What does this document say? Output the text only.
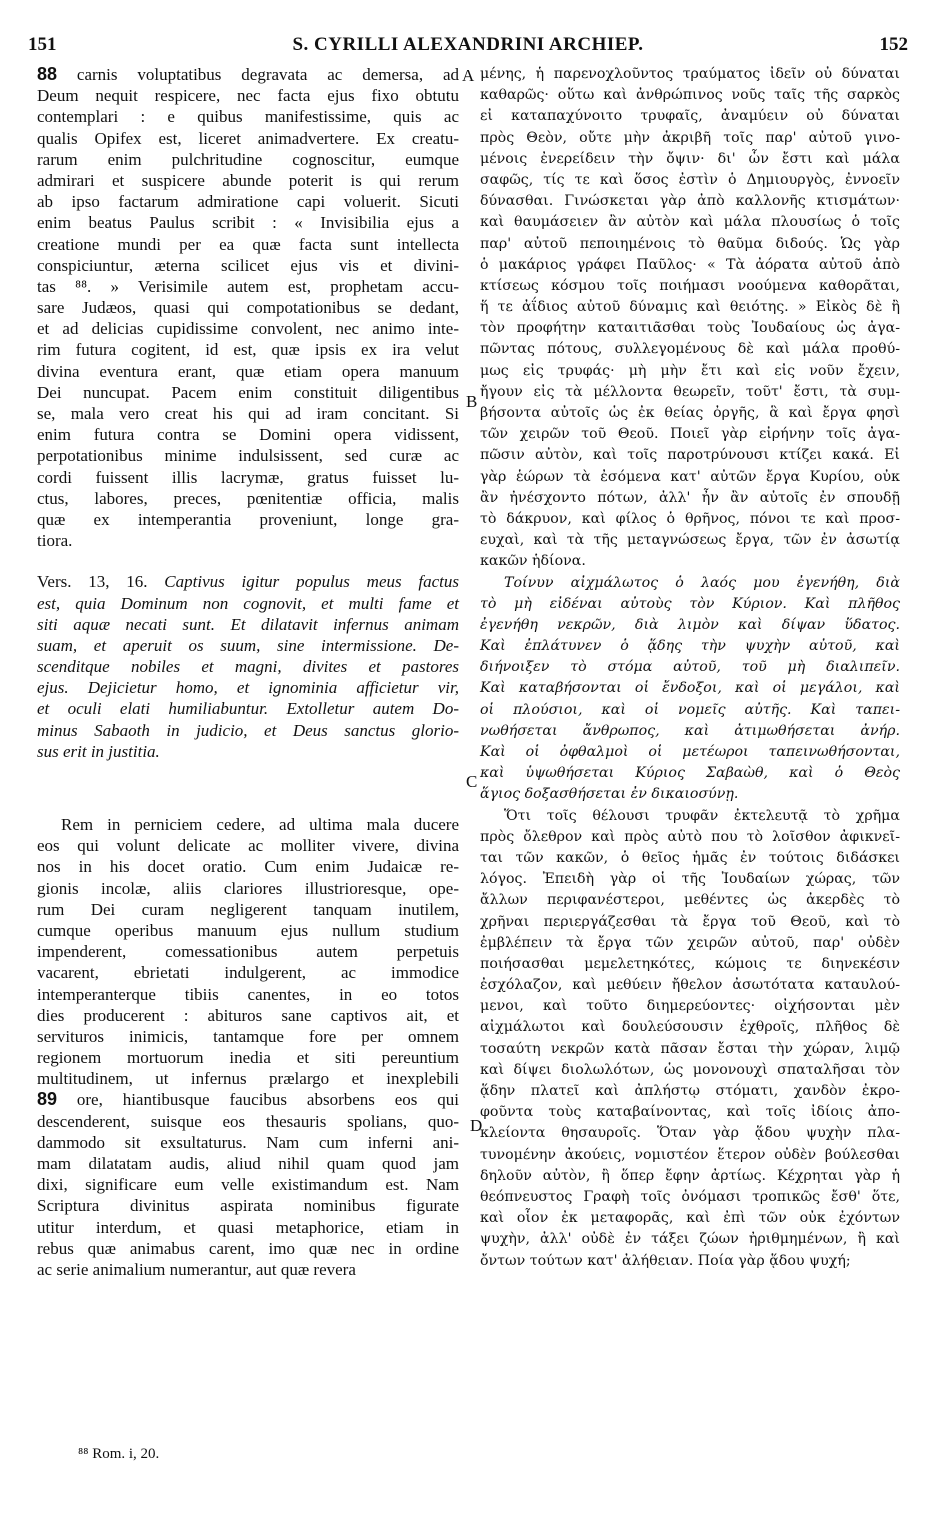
151	S. CYRILLI ALEXANDRINI ARCHIEP.	152
88 carnis voluptatibus degravata ac demersa, ad
Deum nequit respicere, nec facta ejus fixo obtutu
contemplari : e quibus manifestissime, quis ac
qualis Opifex est, liceret animadvertere. Ex creatu-
rarum enim pulchritudine cognoscitur, eumque
admirari et suspicere abunde poterit is qui rerum
ab ipso factarum admiratione capi voluerit. Sicuti
enim beatus Paulus scribit : « Invisibilia ejus a
creatione mundi per ea quæ facta sunt intellecta
conspiciuntur, æterna scilicet ejus vis et divini-
tas ⁸⁸. » Verisimile autem est, prophetam accu-
sare Judæos, quasi qui compotationibus se dedant,
et ad delicias cupidissime convolent, nec animo inte-
rim futura cogitent, id est, quæ ipsis ex ira velut
divina eventura erant, quæ etiam opera manuum
Dei nuncupat. Pacem enim constituit diligentibus
se, mala vero creat his qui ad iram concitant. Si
enim futura contra se Domini opera vidissent,
perpotationibus minime indulsissent, sed curæ ac
cordi fuissent illis lacrymæ, gratus fuisset lu-
ctus, labores, preces, pœnitentiæ officia, malis
quæ ex intemperantia proveniunt, longe gra-
tiora.
Vers. 13, 16. Captivus igitur populus meus factus
est, quia Dominum non cognovit, et multi fame et
siti aquæ necati sunt. Et dilatavit infernus animam
suam, et aperuit os suum, sine intermissione. De-
scenditque nobiles et magni, divites et pastores
ejus. Dejicietur homo, et ignominia afficietur vir,
et oculi elati humiliabuntur. Extolletur autem Do-
minus Sabaoth in judicio, et Deus sanctus glorio-
sus erit in justitia.
Rem in perniciem cedere, ad ultima mala ducere
eos qui volunt delicate ac molliter vivere, divina
nos in his docet oratio. Cum enim Judaicæ re-
gionis incolæ, aliis clariores illustrioresque, ope-
rum Dei curam negligerent tanquam inutilem,
cumque operibus manuum ejus nullum studium
impenderent, comessationibus autem perpetuis
vacarent, ebrietati indulgerent, ac immodice
intemperanterque tibiis canentes, in eo totos
dies producerent : abituros sane captivos ait, et
servituros inimicis, tantamque fore per omnem
regionem mortuorum inedia et siti pereuntium
multitudinem, ut infernus prælargo et inexplebili
89 ore, hiantibusque faucibus absorbens eos qui
descenderent, suisque eos thesauris spolians, quo-
dammodo sit exsultaturus. Nam cum inferni ani-
mam dilatatam audis, aliud nihil quam quod jam
dixi, significare eum velle existimandum est. Nam
Scriptura divinitus aspirata nominibus figurate
utitur interdum, et quasi metaphorice, etiam in
rebus quæ animabus carent, imo quæ nec in ordine
ac serie animalium numerantur, aut quæ revera
μένης, ἡ παρενοχλοῦντος τραύματος ἰδεῖν οὐ δύναται
καθαρῶς· οὕτω καὶ ἀνθρώπινος νοῦς ταῖς τῆς σαρκὸς
εἰ καταπαχύνοιτο τρυφαῖς, ἀναμύειν οὐ δύναται
πρὸς Θεὸν, οὔτε μὴν ἀκριβῆ τοῖς παρ' αὐτοῦ γινο-
μένοις ἐνερείδειν τὴν ὄψιν· δι' ὧν ἔστι καὶ μάλα
σαφῶς, τίς τε καὶ ὅσος ἐστὶν ὁ Δημιουργὸς, ἐννοεῖν
δύνασθαι. Γινώσκεται γὰρ ἀπὸ καλλονῆς κτισμάτων·
καὶ θαυμάσειεν ἂν αὐτὸν καὶ μάλα πλουσίως ὁ τοῖς
παρ' αὐτοῦ πεποιημένοις τὸ θαῦμα διδούς. Ὡς γὰρ
ὁ μακάριος γράφει Παῦλος· « Τὰ ἀόρατα αὐτοῦ ἀπὸ
κτίσεως κόσμου τοῖς ποιήμασι νοούμενα καθορᾶται,
ἥ τε ἀΐδιος αὐτοῦ δύναμις καὶ θειότης. » Εἰκὸς δὲ ἢ
τὸν προφήτην καταιτιᾶσθαι τοὺς Ἰουδαίους ὡς ἀγα-
πῶντας πότους, συλλεγομένους δὲ καὶ μάλα προθύ-
μως εἰς τρυφάς· μὴ μὴν ἔτι καὶ εἰς νοῦν ἔχειν,
ἤγουν εἰς τὰ μέλλοντα θεωρεῖν, τοῦτ' ἔστι, τὰ συμ-
βήσοντα αὐτοῖς ὡς ἐκ θείας ὀργῆς, ἃ καὶ ἔργα φησὶ
τῶν χειρῶν τοῦ Θεοῦ. Ποιεῖ γὰρ εἰρήνην τοῖς ἀγα-
πῶσιν αὐτὸν, καὶ τοῖς παροτρύνουσι κτίζει κακά. Εἰ
γὰρ ἑώρων τὰ ἐσόμενα κατ' αὐτῶν ἔργα Κυρίου, οὐκ
ἂν ἠνέσχοντο πότων, ἀλλ' ἦν ἂν αὐτοῖς ἐν σπουδῇ
τὸ δάκρυον, καὶ φίλος ὁ θρῆνος, πόνοι τε καὶ προσ-
ευχαὶ, καὶ τὰ τῆς μεταγνώσεως ἔργα, τῶν ἐν ἀσωτίᾳ
κακῶν ἡδίονα.
Τοίνυν αἰχμάλωτος ὁ λαός μου ἐγενήθη, διὰ
τὸ μὴ εἰδέναι αὐτοὺς τὸν Κύριον. Καὶ πλῆθος
ἐγενήθη νεκρῶν, διὰ λιμὸν καὶ δίψαν ὕδατος.
Καὶ ἐπλάτυνεν ὁ ᾅδης τὴν ψυχὴν αὐτοῦ, καὶ
διήνοιξεν τὸ στόμα αὐτοῦ, τοῦ μὴ διαλιπεῖν.
Καὶ καταβήσονται οἱ ἔνδοξοι, καὶ οἱ μεγάλοι, καὶ
οἱ πλούσιοι, καὶ οἱ νομεῖς αὐτῆς. Καὶ ταπει-
νωθήσεται ἄνθρωπος, καὶ ἀτιμωθήσεται ἀνήρ.
Καὶ οἱ ὀφθαλμοὶ οἱ μετέωροι ταπεινωθήσονται,
καὶ ὑψωθήσεται Κύριος Σαβαὼθ, καὶ ὁ Θεὸς
ἅγιος δοξασθήσεται ἐν δικαιοσύνῃ.
Ὅτι τοῖς θέλουσι τρυφᾶν ἐκτελευτᾷ τὸ χρῆμα
πρὸς ὄλεθρον καὶ πρὸς αὐτὸ που τὸ λοῖσθον ἀφικνεῖ-
ται τῶν κακῶν, ὁ θεῖος ἡμᾶς ἐν τούτοις διδάσκει
λόγος. Ἐπειδὴ γὰρ οἱ τῆς Ἰουδαίων χώρας, τῶν
ἄλλων περιφανέστεροι, μεθέντες ὡς ἀκερδὲς τὸ
χρῆναι περιεργάζεσθαι τὰ ἔργα τοῦ Θεοῦ, καὶ τὸ
ἐμβλέπειν τὰ ἔργα τῶν χειρῶν αὐτοῦ, παρ' οὐδὲν
ποιήσασθαι μεμελετηκότες, κώμοις τε διηνεκέσιν
ἐσχόλαζον, καὶ μεθύειν ἤθελον ἀσωτότατα καταυλού-
μενοι, καὶ τοῦτο διημερεύοντες· οἰχήσονται μὲν
αἰχμάλωτοι καὶ δουλεύσουσιν ἐχθροῖς, πλῆθος δὲ
τοσαύτη νεκρῶν κατὰ πᾶσαν ἔσται τὴν χώραν, λιμῷ
καὶ δίψει διολωλότων, ὡς μονονουχὶ σπαταλῆσαι τὸν
ᾅδην πλατεῖ καὶ ἀπλήστῳ στόματι, χανδὸν ἐκρο-
φοῦντα τοὺς καταβαίνοντας, καὶ τοῖς ἰδίοις ἀπο-
κλείοντα θησαυροῖς. Ὅταν γὰρ ᾅδου ψυχὴν πλα-
τυνομένην ἀκούεις, νομιστέον ἕτερον οὐδὲν βούλεσθαι
δηλοῦν αὐτὸν, ἢ ὅπερ ἔφην ἀρτίως. Κέχρηται γὰρ ἡ
θεόπνευστος Γραφὴ τοῖς ὀνόμασι τροπικῶς ἔσθ' ὅτε,
καὶ οἷον ἐκ μεταφορᾶς, καὶ ἐπὶ τῶν οὐκ ἐχόντων
ψυχὴν, ἀλλ' οὐδὲ ἐν τάξει ζώων ἠριθμημένων, ἢ καὶ
ὄντων τούτων κατ' ἀλήθειαν. Ποία γὰρ ᾅδου ψυχή;
A
B
C
D
⁸⁸ Rom. i, 20.
